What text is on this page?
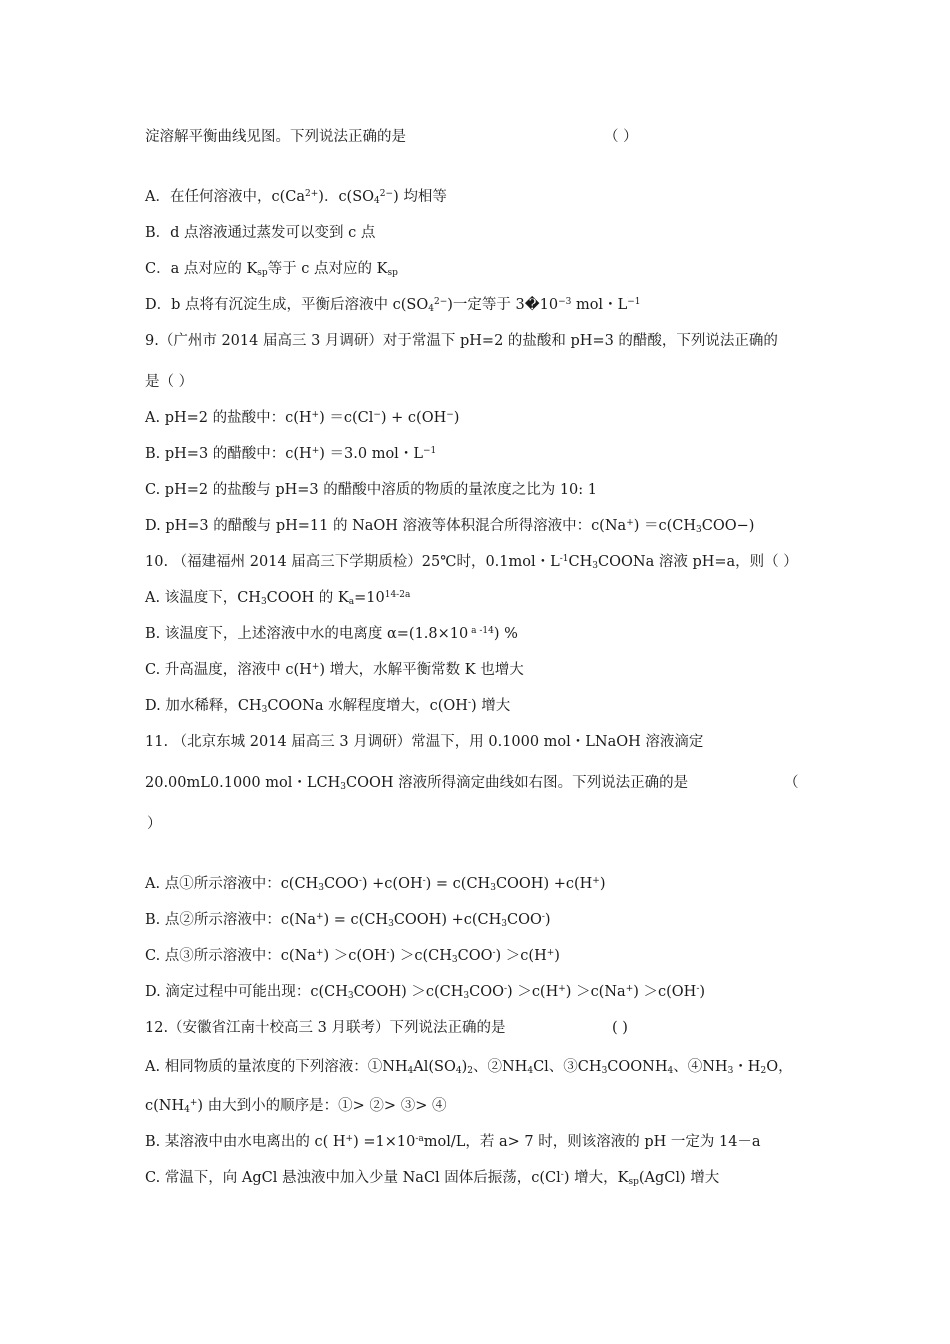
淀溶解平衡曲线见图。下列说法正确的是	（ ）
A．在任何溶液中，$c(Ca^{2+})$．$c(SO_4^{2-})$ 均相等
B．d 点溶液通过蒸发可以变到 c 点
C．a 点对应的 $K_{sp}$等于 c 点对应的 $K_{sp}$
D．b 点将有沉淀生成，平衡后溶液中 $c(SO_4^{2-})$一定等于 $3�10^{-3}$ mol・$L^{-1}$
9.（广州市 2014 届高三 3 月调研）对于常温下 pH=2 的盐酸和 pH=3 的醋酸，下列说法正确的
是（ ）
A. pH=2 的盐酸中：c(H+) ＝c(Cl−) + c(OH−)
B. pH=3 的醋酸中：c(H+) ＝3.0 mol・$L^{-1}$
C. pH=2 的盐酸与 pH=3 的醋酸中溶质的物质的量浓度之比为 10: 1
D. pH=3 的醋酸与 pH=11 的 NaOH 溶液等体积混合所得溶液中：$c(Na^+) =c(CH_3COO-)$
10. （福建福州 2014 届高三下学期质检）25℃时，0.1mol・$L^{-1}CH_3COONa$ 溶液 pH=a，则（ ）
A. 该温度下，$CH_3COOH$ 的 $K_a=10^{14-2a}$
B. 该温度下，上述溶液中水的电离度 α=(1.8×10 $^{a -14}$) %
C. 升高温度，溶液中 c(H+) 增大，水解平衡常数 K 也增大
D. 加水稀释，$CH_3COONa$ 水解程度增大，c(OH-) 增大
11. （北京东城 2014 届高三 3 月调研）常温下，用 0.1000 mol・LNaOH 溶液滴定
20.00mL0.1000 mol・$LCH_3COOH$ 溶液所得滴定曲线如右图。下列说法正确的是	（
）
A. 点①所示溶液中：$c(CH_3COO^-) +c(OH^-)$ = $c(CH_3COOH) +c(H^+)$
B. 点②所示溶液中：$c(Na^+) = c(CH_3COOH) +c(CH_3COO^-)$
C. 点③所示溶液中：$c(Na^+) >c(OH^-) >c(CH_3COO^-) >c(H^+)$
D. 滴定过程中可能出现：$c(CH_3COOH) >c(CH_3COO^-) >c(H^+) >c(Na^+) >c(OH^-)$
12.（安徽省江南十校高三 3 月联考）下列说法正确的是	( )
A. 相同物质的量浓度的下列溶液：$①NH_4Al(SO_4)_2$、$②NH_4Cl$、$③CH_3COONH_4$、$④NH_3$・$H_2O$，
$c(NH_4^+)$ 由大到小的顺序是：①> ②> ③> ④
B. 某溶液中由水电离出的 c( $H^+) =1\times 10^{-a}mol/L$，若 a> 7 时，则该溶液的 pH 一定为 14－a
C. 常温下，向 AgCl 悬浊液中加入少量 NaCl 固体后振荡，c(Cl-) 增大，$K_{sp}(AgCl)$ 增大
